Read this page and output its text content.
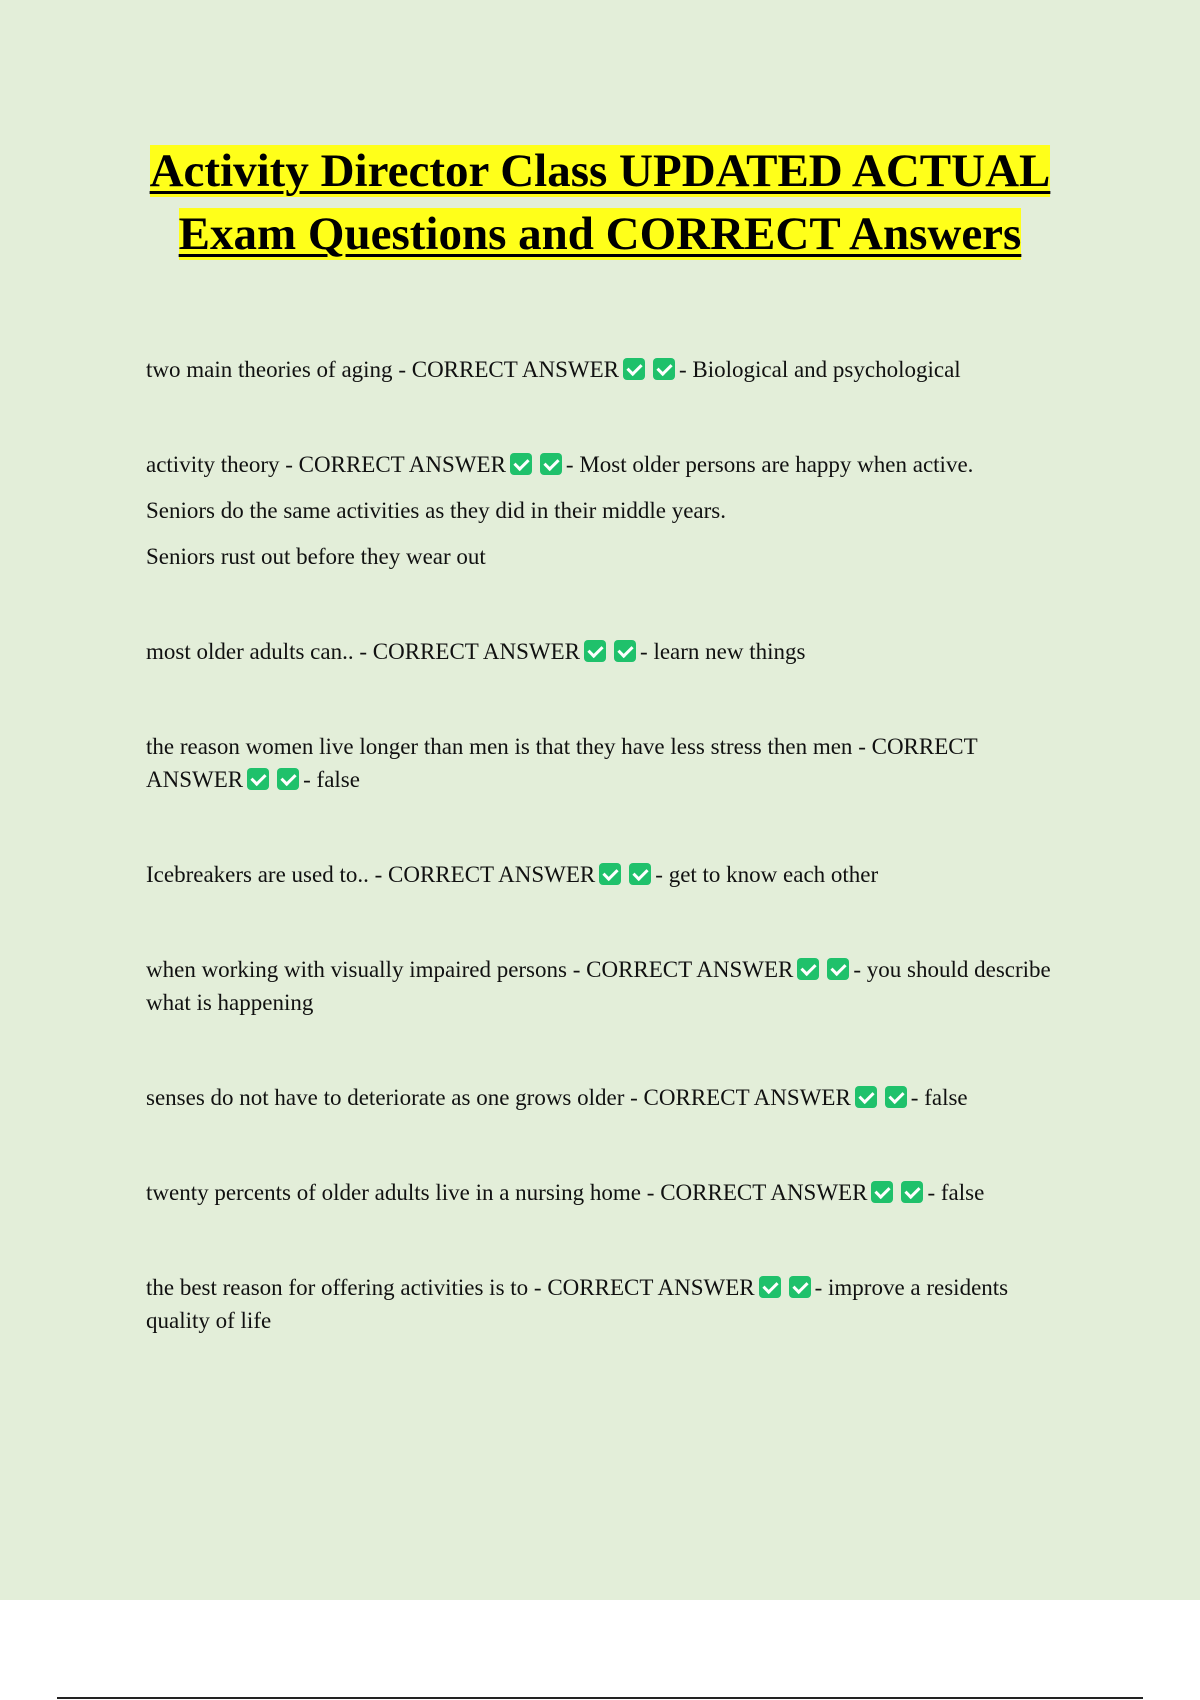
Activity Director Class UPDATED ACTUAL Exam Questions and CORRECT Answers

two main theories of aging - CORRECT ANSWER	- Biological and psychological

activity theory - CORRECT ANSWER	- Most older persons are happy when active.

Seniors do the same activities as they did in their middle years.

Seniors rust out before they wear out

most older adults can.. - CORRECT ANSWER	- learn new things

the reason women live longer than men is that they have less stress then men - CORRECT ANSWER	- false

Icebreakers are used to.. - CORRECT ANSWER	- get to know each other

when working with visually impaired persons - CORRECT ANSWER	- you should describe what is happening

senses do not have to deteriorate as one grows older - CORRECT ANSWER	- false

twenty percents of older adults live in a nursing home - CORRECT ANSWER	- false

the best reason for offering activities is to - CORRECT ANSWER	- improve a residents quality of life
